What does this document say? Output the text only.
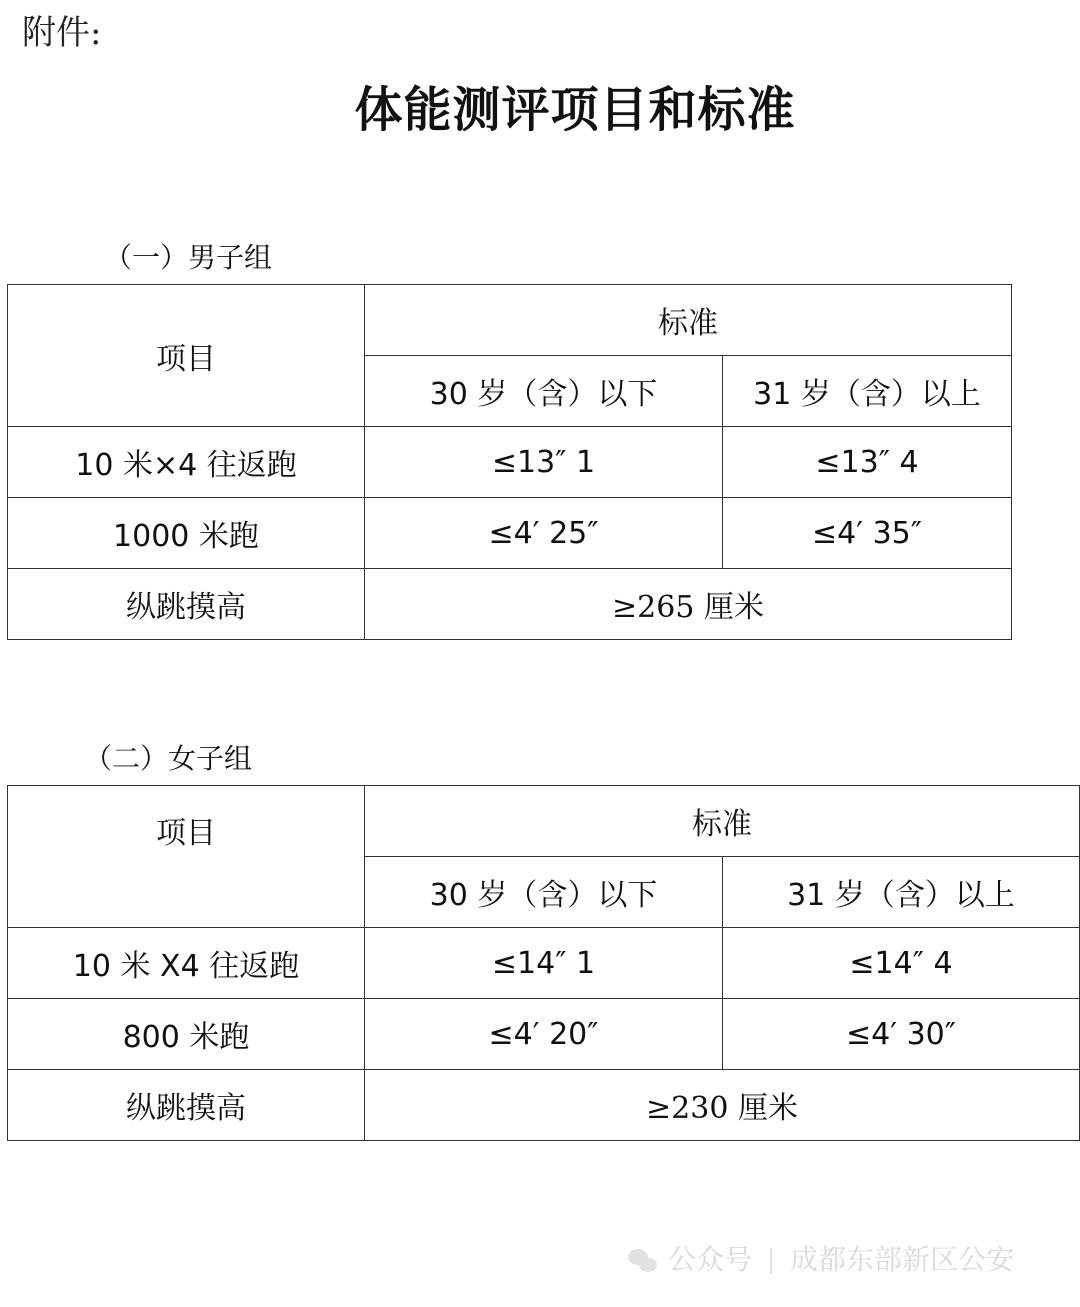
附件:
体能测评项目和标准
（一）男子组
项目	标准	
	30 岁（含）以下	31 岁（含）以上
10 米×4 往返跑	≤13″ 1	≤13″ 4
1000 米跑	≤4′ 25″	≤4′ 35″
纵跳摸高	≥265 厘米	
（二）女子组
项目	标准	
	30 岁（含）以下	31 岁（含）以上
10 米 X4 往返跑	≤14″ 1	≤14″ 4
800 米跑	≤4′ 20″	≤4′ 30″
纵跳摸高	≥230 厘米	
公众号 成都东部新区公安
